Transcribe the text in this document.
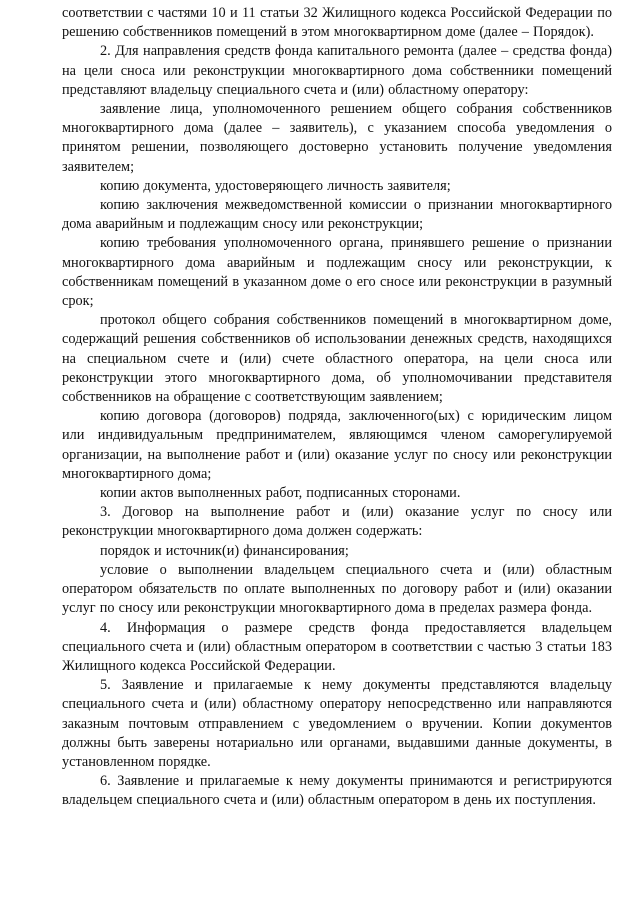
соответствии с частями 10 и 11 статьи 32 Жилищного кодекса Российской Федерации по решению собственников помещений в этом многоквартирном доме (далее – Порядок).

2. Для направления средств фонда капитального ремонта (далее – средства фонда) на цели сноса или реконструкции многоквартирного дома собственники помещений представляют владельцу специального счета и (или) областному оператору:

заявление лица, уполномоченного решением общего собрания собственников многоквартирного дома (далее – заявитель), с указанием способа уведомления о принятом решении, позволяющего достоверно установить получение уведомления заявителем;

копию документа, удостоверяющего личность заявителя;

копию заключения межведомственной комиссии о признании многоквартирного дома аварийным и подлежащим сносу или реконструкции;

копию требования уполномоченного органа, принявшего решение о признании многоквартирного дома аварийным и подлежащим сносу или реконструкции, к собственникам помещений в указанном доме о его сносе или реконструкции в разумный срок;

протокол общего собрания собственников помещений в многоквартирном доме, содержащий решения собственников об использовании денежных средств, находящихся на специальном счете и (или) счете областного оператора, на цели сноса или реконструкции этого многоквартирного дома, об уполномочивании представителя собственников на обращение с соответствующим заявлением;

копию договора (договоров) подряда, заключенного(ых) с юридическим лицом или индивидуальным предпринимателем, являющимся членом саморегулируемой организации, на выполнение работ и (или) оказание услуг по сносу или реконструкции многоквартирного дома;

копии актов выполненных работ, подписанных сторонами.

3. Договор на выполнение работ и (или) оказание услуг по сносу или реконструкции многоквартирного дома должен содержать:

порядок и источник(и) финансирования;

условие о выполнении владельцем специального счета и (или) областным оператором обязательств по оплате выполненных по договору работ и (или) оказании услуг по сносу или реконструкции многоквартирного дома в пределах размера фонда.

4. Информация о размере средств фонда предоставляется владельцем специального счета и (или) областным оператором в соответствии с частью 3 статьи 183 Жилищного кодекса Российской Федерации.

5. Заявление и прилагаемые к нему документы представляются владельцу специального счета и (или) областному оператору непосредственно или направляются заказным почтовым отправлением с уведомлением о вручении. Копии документов должны быть заверены нотариально или органами, выдавшими данные документы, в установленном порядке.

6. Заявление и прилагаемые к нему документы принимаются и регистрируются владельцем специального счета и (или) областным оператором в день их поступления.
